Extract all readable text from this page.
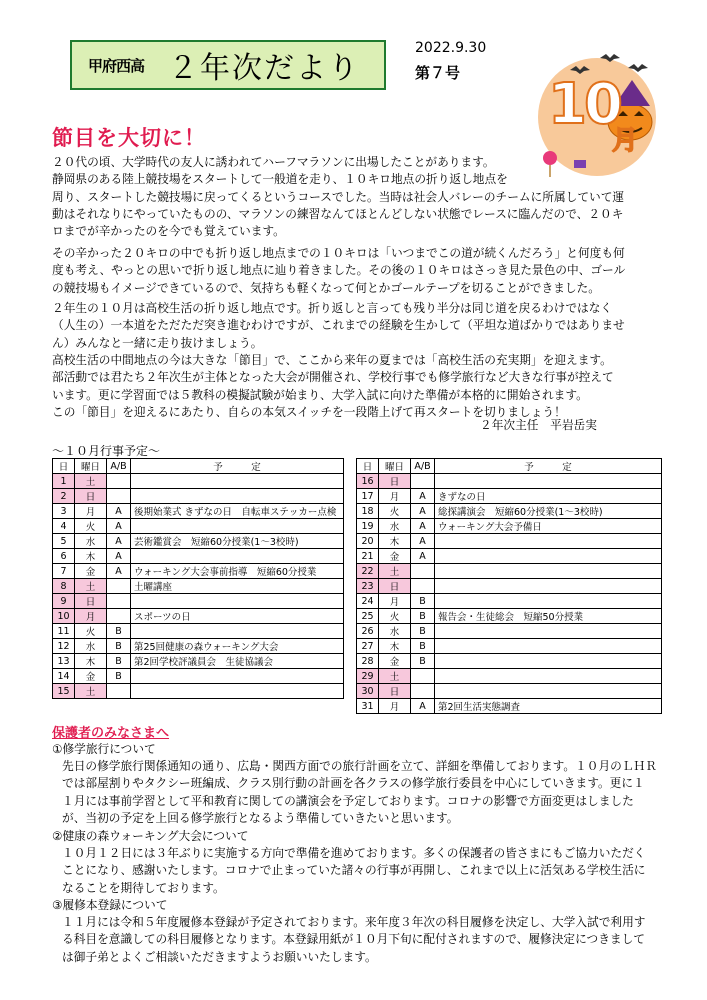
甲府西高 ２年次だより
2022.9.30
第７号 10
月
節目を大切に！

２０代の頃、大学時代の友人に誘われてハーフマラソンに出場したことがあります。

静岡県のある陸上競技場をスタートして一般道を走り、１０キロ地点の折り返し地点を

周り、スタートした競技場に戻ってくるというコースでした。当時は社会人バレーのチームに所属していて運

動はそれなりにやっていたものの、マラソンの練習なんてほとんどしない状態でレースに臨んだので、２０キ

ロまでが辛かったのを今でも覚えています。

その辛かった２０キロの中でも折り返し地点までの１０キロは「いつまでこの道が続くんだろう」と何度も何

度も考え、やっとの思いで折り返し地点に辿り着きました。その後の１０キロはさっき見た景色の中、ゴール

の競技場もイメージできているので、気持ちも軽くなって何とかゴールテープを切ることができました。

２年生の１０月は高校生活の折り返し地点です。折り返しと言っても残り半分は同じ道を戻るわけではなく

（人生の）一本道をただただ突き進むわけですが、これまでの経験を生かして（平坦な道ばかりではありませ

ん）みんなと一緒に走り抜けましょう。

高校生活の中間地点の今は大きな「節目」で、ここから来年の夏までは「高校生活の充実期」を迎えます。

部活動では君たち２年次生が主体となった大会が開催され、学校行事でも修学旅行など大きな行事が控えて

います。更に学習面では５教科の模擬試験が始まり、大学入試に向けた準備が本格的に開始されます。

この「節目」を迎えるにあたり、自らの本気スイッチを一段階上げて再スタートを切りましょう！

２年次主任　平岩岳実
～１０月行事予定～
日	曜日	A/B	予　　　定
1	土		
2	日		
3	月	A	後期始業式 きずなの日　自転車ステッカー点検
4	火	A	
5	水	A	芸術鑑賞会　短縮60分授業(1～3校時)
6	木	A	
7	金	A	ウォーキング大会事前指導　短縮60分授業
8	土		土曜講座
9	日		
10	月		スポーツの日
11	火	B	
12	水	B	第25回健康の森ウォーキング大会
13	木	B	第2回学校評議員会　生徒協議会
14	金	B	
15	土		
日	曜日	A/B	予　　　定
16	日		
17	月	A	きずなの日
18	火	A	総探講演会　短縮60分授業(1～3校時)
19	水	A	ウォーキング大会予備日
20	木	A	
21	金	A	
22	土		
23	日		
24	月	B	
25	火	B	報告会・生徒総会　短縮50分授業
26	水	B	
27	木	B	
28	金	B	
29	土		
30	日		
31	月	A	第2回生活実態調査
保護者のみなさまへ
①修学旅行について

先日の修学旅行関係通知の通り、広島・関西方面での旅行計画を立て、詳細を準備しております。１０月のＬＨＲ

では部屋割りやタクシー班編成、クラス別行動の計画を各クラスの修学旅行委員を中心にしていきます。更に１

１月には事前学習として平和教育に関しての講演会を予定しております。コロナの影響で方面変更はしました

が、当初の予定を上回る修学旅行となるよう準備していきたいと思います。

②健康の森ウォーキング大会について

１０月１２日には３年ぶりに実施する方向で準備を進めております。多くの保護者の皆さまにもご協力いただく

ことになり、感謝いたします。コロナで止まっていた諸々の行事が再開し、これまで以上に活気ある学校生活に

なることを期待しております。

③履修本登録について

１１月には令和５年度履修本登録が予定されております。来年度３年次の科目履修を決定し、大学入試で利用す

る科目を意識しての科目履修となります。本登録用紙が１０月下旬に配付されますので、履修決定につきまして

は御子弟とよくご相談いただきますようお願いいたします。
